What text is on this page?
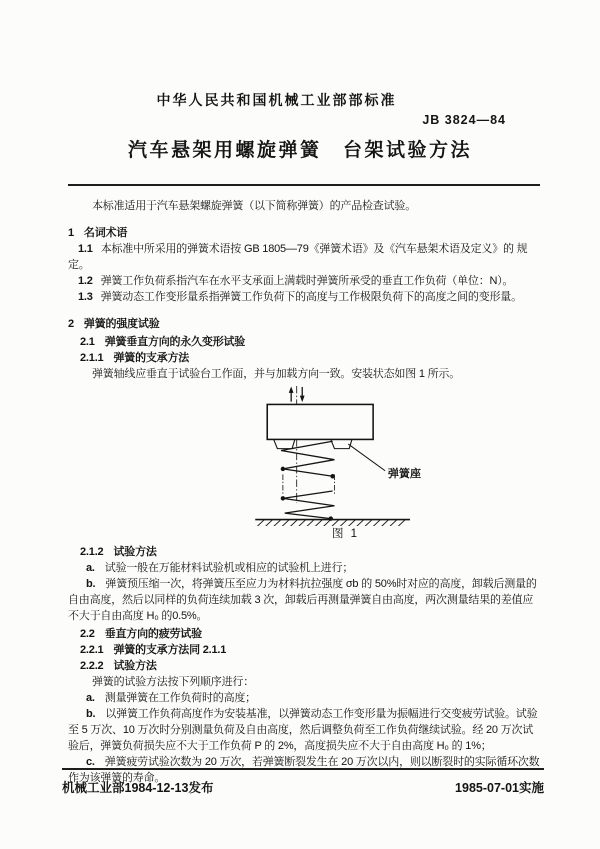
中华人民共和国机械工业部部标准
JB 3824—84
汽车悬架用螺旋弹簧　台架试验方法

本标准适用于汽车悬架螺旋弹簧（以下简称弹簧）的产品检查试验。

1 名词术语

1.1 本标准中所采用的弹簧术语按 GB 1805—79《弹簧术语》及《汽车悬架术语及定义》的 规定。

1.2 弹簧工作负荷系指汽车在水平支承面上满载时弹簧所承受的垂直工作负荷（单位：N）。

1.3 弹簧动态工作变形量系指弹簧工作负荷下的高度与工作极限负荷下的高度之间的变形量。

2 弹簧的强度试验

2.1 弹簧垂直方向的永久变形试验

2.1.1 弹簧的支承方法

弹簧轴线应垂直于试验台工作面，并与加载方向一致。安装状态如图 1 所示。

弹簧座

图 1

2.1.2 试验方法

a. 试验一般在万能材料试验机或相应的试验机上进行；

b. 弹簧预压缩一次，将弹簧压至应力为材料抗拉强度 σb 的 50%时对应的高度，卸载后测量的自由高度，然后以同样的负荷连续加载 3 次，卸载后再测量弹簧自由高度，两次测量结果的差值应不大于自由高度 H₀ 的0.5%。

2.2 垂直方向的疲劳试验

2.2.1 弹簧的支承方法同 2.1.1

2.2.2 试验方法

弹簧的试验方法按下列顺序进行：

a. 测量弹簧在工作负荷时的高度；

b. 以弹簧工作负荷高度作为安装基准，以弹簧动态工作变形量为振幅进行交变疲劳试验。试验至 5 万次、10 万次时分别测量负荷及自由高度，然后调整负荷至工作负荷继续试验。经 20 万次试验后，弹簧负荷损失应不大于工作负荷 P 的 2%，高度损失应不大于自由高度 H₀ 的 1%；

c. 弹簧疲劳试验次数为 20 万次，若弹簧断裂发生在 20 万次以内，则以断裂时的实际循环次数作为该弹簧的寿命。

机械工业部1984-12-13发布	1985-07-01实施
